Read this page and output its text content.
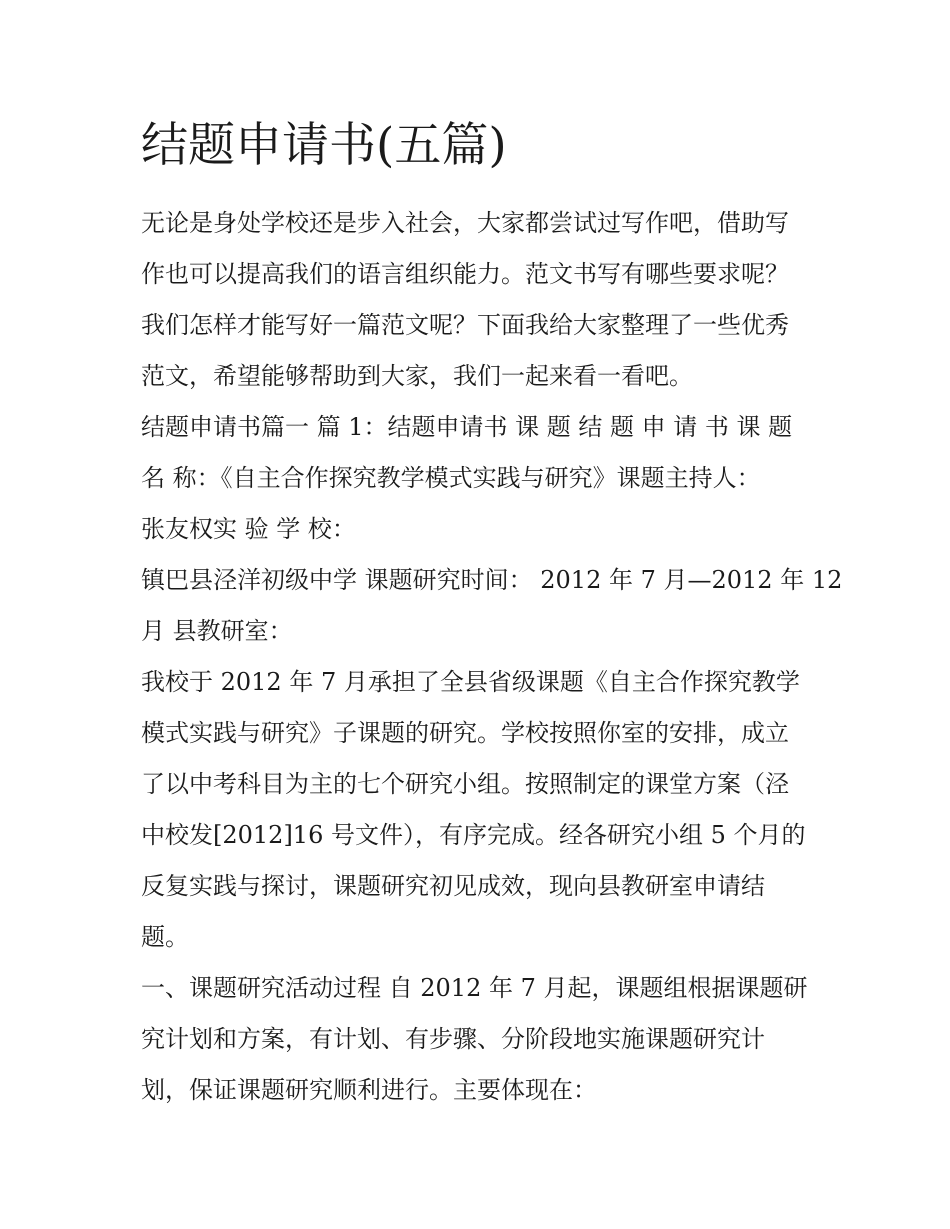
结题申请书(五篇)
无论是身处学校还是步入社会，大家都尝试过写作吧，借助写
作也可以提高我们的语言组织能力。范文书写有哪些要求呢？
我们怎样才能写好一篇范文呢？下面我给大家整理了一些优秀
范文，希望能够帮助到大家，我们一起来看一看吧。
结题申请书篇一 篇 1：结题申请书 课 题 结 题 申 请 书 课 题
名 称：《自主合作探究教学模式实践与研究》课题主持人：
张友权实 验 学 校：
镇巴县泾洋初级中学 课题研究时间： 2012 年 7 月—2012 年 12
月 县教研室：
我校于 2012 年 7 月承担了全县省级课题《自主合作探究教学
模式实践与研究》子课题的研究。学校按照你室的安排，成立
了以中考科目为主的七个研究小组。按照制定的课堂方案（泾
中校发[2012]16 号文件），有序完成。经各研究小组 5 个月的
反复实践与探讨，课题研究初见成效，现向县教研室申请结
题。
一、课题研究活动过程 自 2012 年 7 月起，课题组根据课题研
究计划和方案，有计划、有步骤、分阶段地实施课题研究计
划，保证课题研究顺利进行。主要体现在：
